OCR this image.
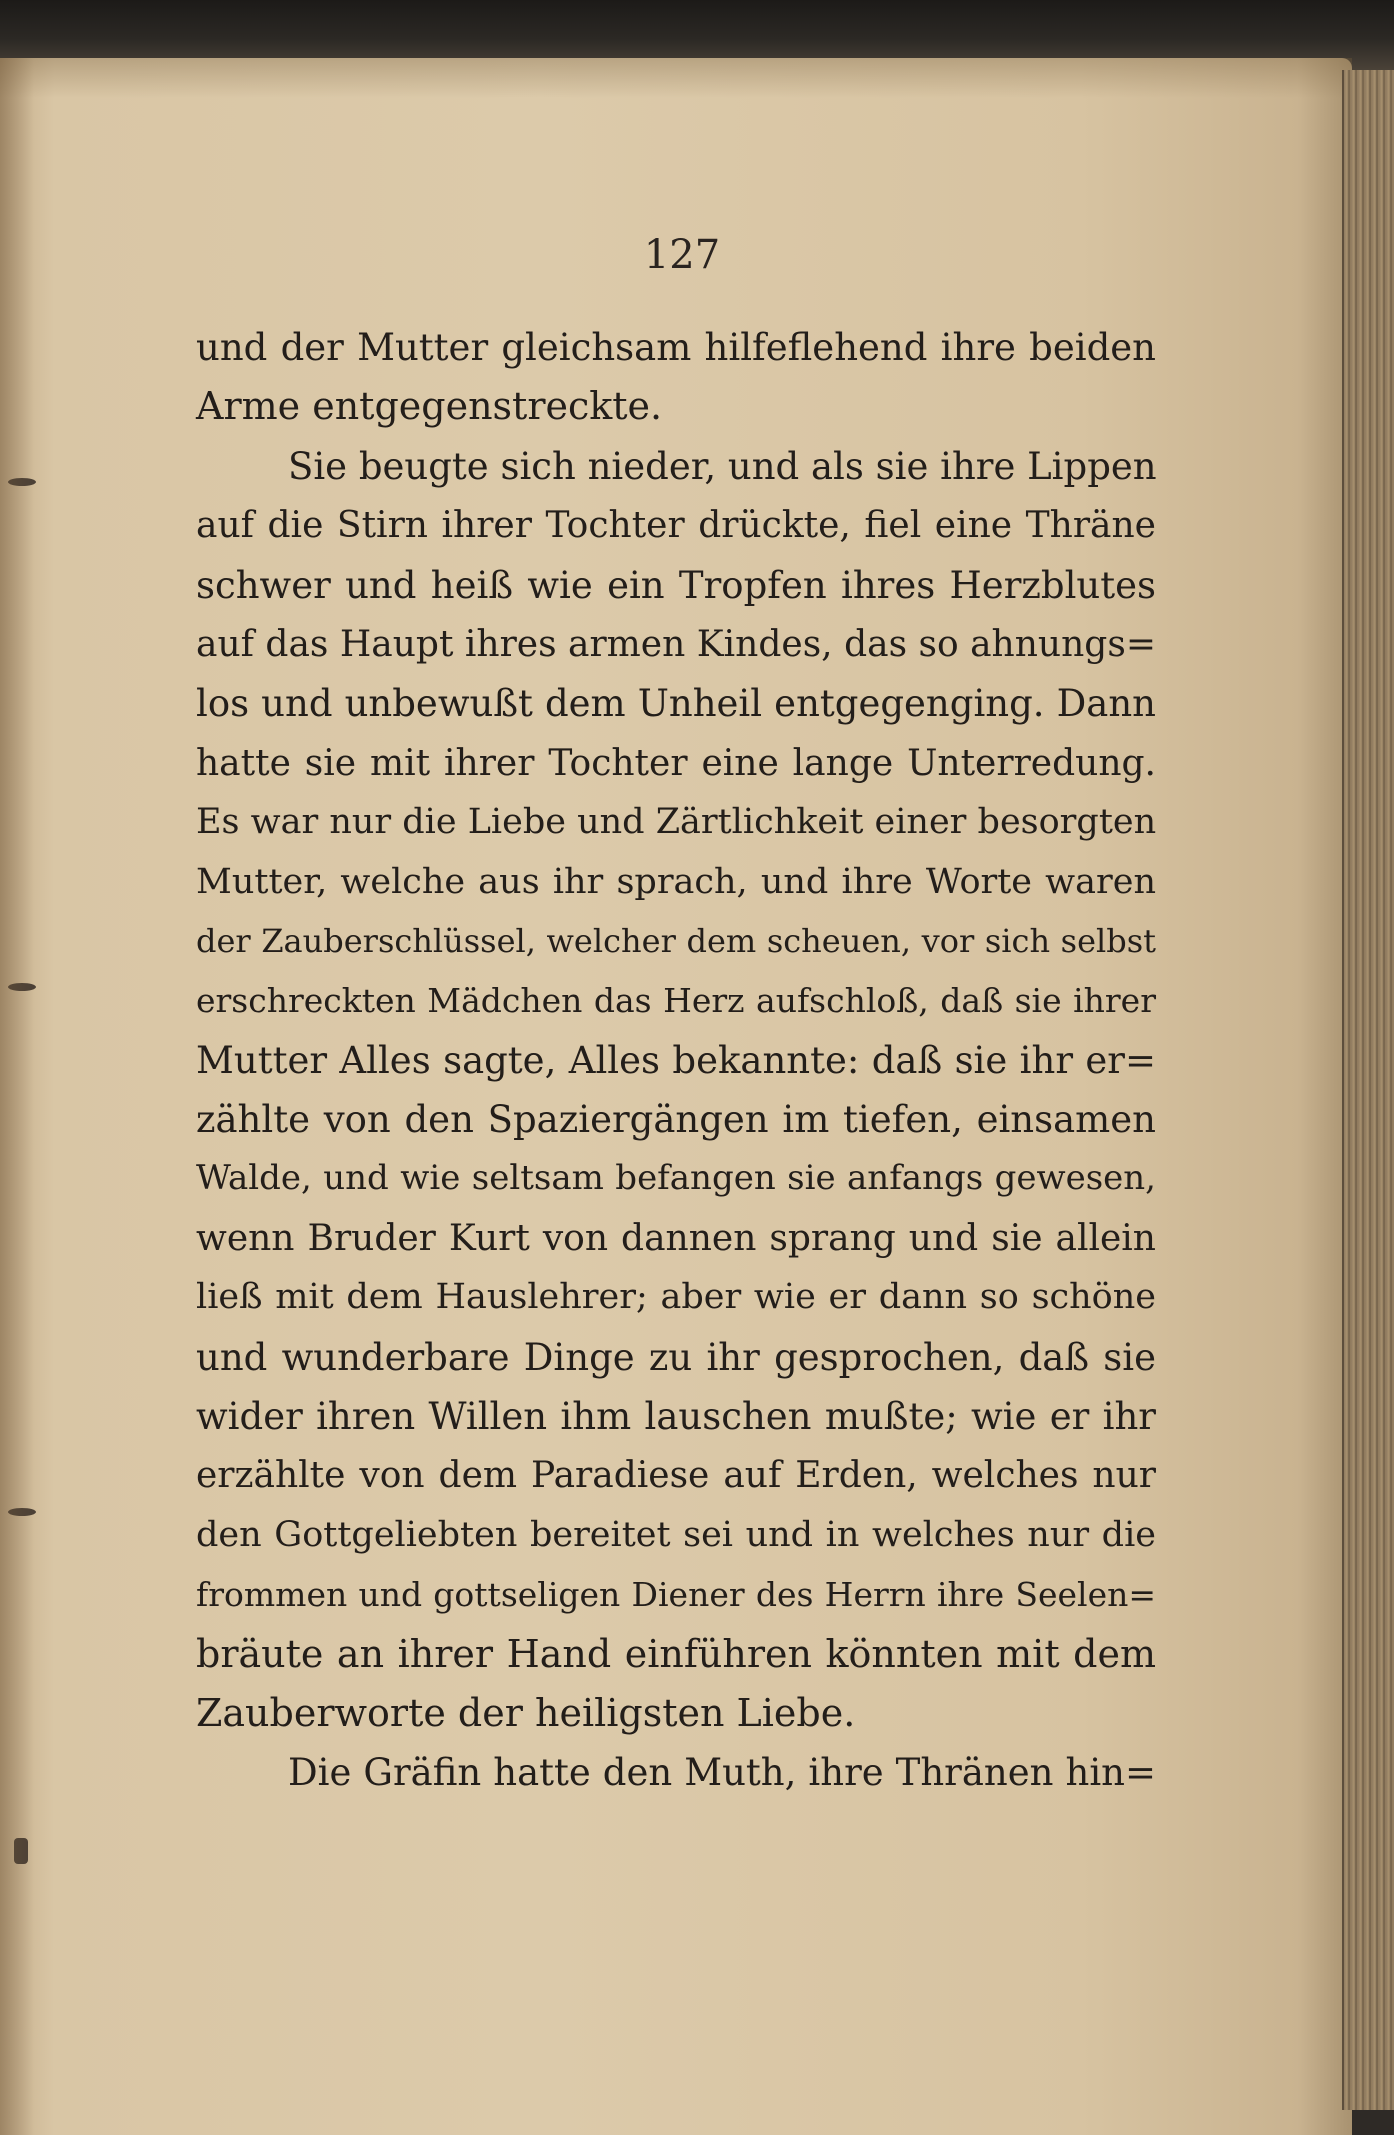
127
und der Mutter gleichsam hilfeflehend ihre beiden
Arme entgegenstreckte.
Sie beugte sich nieder, und als sie ihre Lippen
auf die Stirn ihrer Tochter drückte, fiel eine Thräne
schwer und heiß wie ein Tropfen ihres Herzblutes
auf das Haupt ihres armen Kindes, das so ahnungs=
los und unbewußt dem Unheil entgegenging. Dann
hatte sie mit ihrer Tochter eine lange Unterredung.
Es war nur die Liebe und Zärtlichkeit einer besorgten
Mutter, welche aus ihr sprach, und ihre Worte waren
der Zauberschlüssel, welcher dem scheuen, vor sich selbst
erschreckten Mädchen das Herz aufschloß, daß sie ihrer
Mutter Alles sagte, Alles bekannte: daß sie ihr er=
zählte von den Spaziergängen im tiefen, einsamen
Walde, und wie seltsam befangen sie anfangs gewesen,
wenn Bruder Kurt von dannen sprang und sie allein
ließ mit dem Hauslehrer; aber wie er dann so schöne
und wunderbare Dinge zu ihr gesprochen, daß sie
wider ihren Willen ihm lauschen mußte; wie er ihr
erzählte von dem Paradiese auf Erden, welches nur
den Gottgeliebten bereitet sei und in welches nur die
frommen und gottseligen Diener des Herrn ihre Seelen=
bräute an ihrer Hand einführen könnten mit dem
Zauberworte der heiligsten Liebe.
Die Gräfin hatte den Muth, ihre Thränen hin=
